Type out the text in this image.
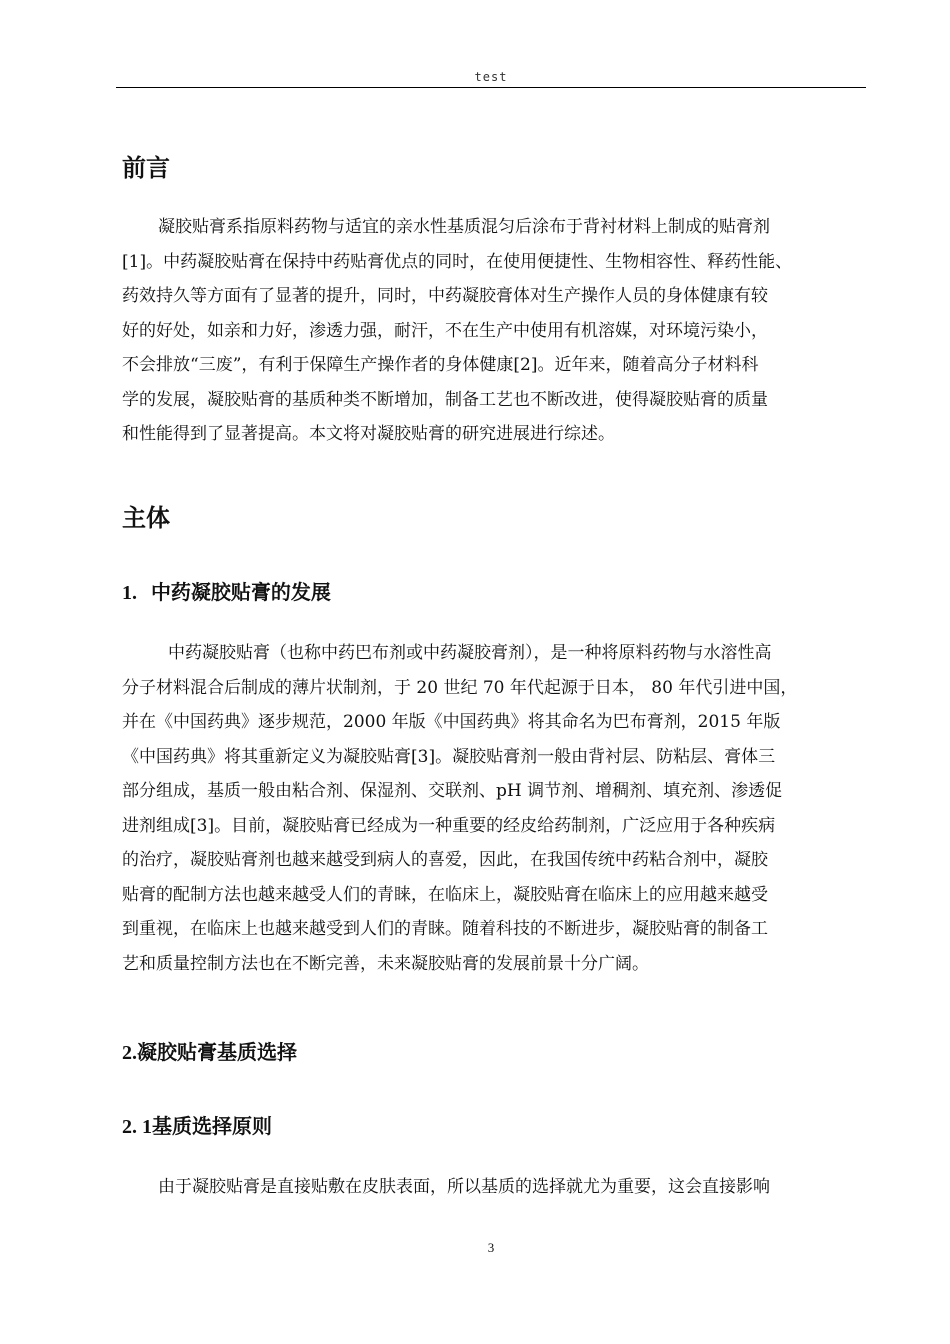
test
前言
凝胶贴膏系指原料药物与适宜的亲水性基质混匀后涂布于背衬材料上制成的贴膏剂
[1]。中药凝胶贴膏在保持中药贴膏优点的同时，在使用便捷性、生物相容性、释药性能、
药效持久等方面有了显著的提升，同时，中药凝胶膏体对生产操作人员的身体健康有较
好的好处，如亲和力好，渗透力强，耐汗，不在生产中使用有机溶媒，对环境污染小，
不会排放“三废”，有利于保障生产操作者的身体健康[2]。近年来，随着高分子材料科
学的发展，凝胶贴膏的基质种类不断增加，制备工艺也不断改进，使得凝胶贴膏的质量
和性能得到了显著提高。本文将对凝胶贴膏的研究进展进行综述。
主体
1. 中药凝胶贴膏的发展
中药凝胶贴膏（也称中药巴布剂或中药凝胶膏剂），是一种将原料药物与水溶性高
分子材料混合后制成的薄片状制剂，于 20 世纪 70 年代起源于日本， 80 年代引进中国，
并在《中国药典》逐步规范，2000 年版《中国药典》将其命名为巴布膏剂，2015 年版
《中国药典》将其重新定义为凝胶贴膏[3]。凝胶贴膏剂一般由背衬层、防粘层、膏体三
部分组成，基质一般由粘合剂、保湿剂、交联剂、pH 调节剂、增稠剂、填充剂、渗透促
进剂组成[3]。目前，凝胶贴膏已经成为一种重要的经皮给药制剂，广泛应用于各种疾病
的治疗，凝胶贴膏剂也越来越受到病人的喜爱，因此，在我国传统中药粘合剂中，凝胶
贴膏的配制方法也越来越受人们的青睐，在临床上，凝胶贴膏在临床上的应用越来越受
到重视，在临床上也越来越受到人们的青睐。随着科技的不断进步，凝胶贴膏的制备工
艺和质量控制方法也在不断完善，未来凝胶贴膏的发展前景十分广阔。
2.凝胶贴膏基质选择
2. 1基质选择原则
由于凝胶贴膏是直接贴敷在皮肤表面，所以基质的选择就尤为重要，这会直接影响
3
